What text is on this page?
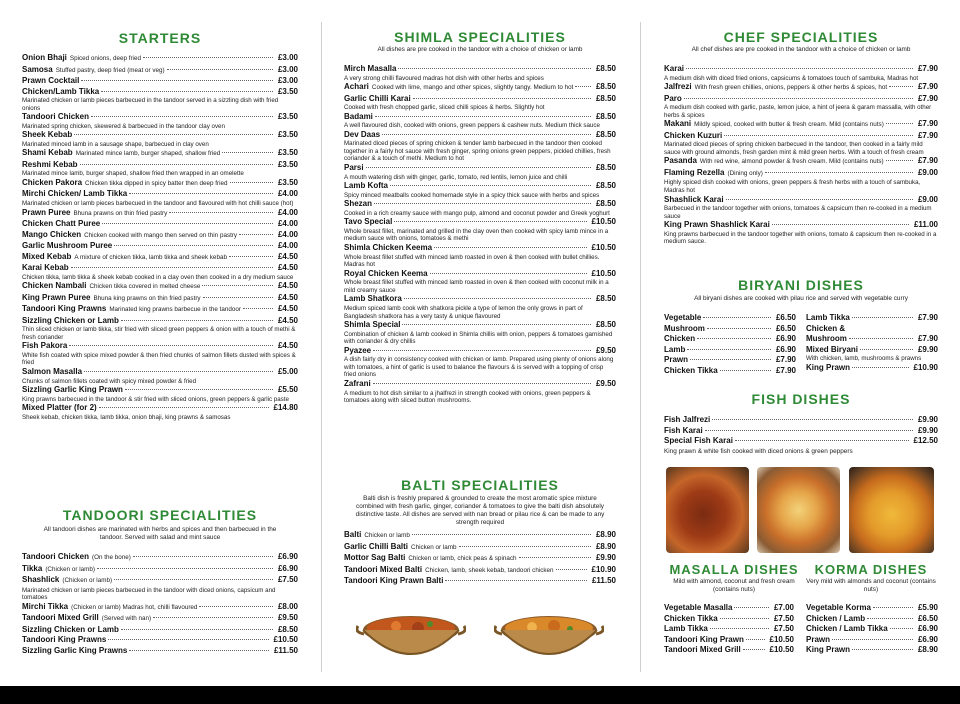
STARTERS
Onion Bhaji Spiced onions, deep fried	£3.00
Samosa Stuffed pastry, deep fried (meat or veg)	£3.00
Prawn Cocktail	£3.00
Chicken/Lamb Tikka	£3.50
Marinated chicken or lamb pieces barbecued in the tandoor served in a sizzling dish with fried onions
Tandoori Chicken	£3.50
Marinated spring chicken, skewered & barbecued in the tandoor clay oven
Sheek Kebab	£3.50
Marinated minced lamb in a sausage shape, barbecued in clay oven
Shami Kebab Marinated mince lamb, burger shaped, shallow fried	£3.50
Reshmi Kebab	£3.50
Marinated mince lamb, burger shaped, shallow fried then wrapped in an omelette
Chicken Pakora Chicken tikka dipped in spicy batter then deep fried	£3.50
Mirchi Chicken/ Lamb Tikka	£4.00
Marinated chicken or lamb pieces barbecued in the tandoor and flavoured with hot chilli sauce (hot)
Prawn Puree Bhuna prawns on thin fried pastry	£4.00
Chicken Chatt Puree	£4.00
Mango Chicken Chicken cooked with mango then served on thin pastry	£4.00
Garlic Mushroom Puree	£4.00
Mixed Kebab A mixture of chicken tikka, lamb tikka and sheek kebab	£4.50
Karai Kebab	£4.50
Chicken tikka, lamb tikka & sheek kebab cooked in a clay oven then cooked in a dry medium sauce
Chicken Nambali Chicken tikka covered in melted cheese	£4.50
King Prawn Puree Bhuna king prawns on thin fried pastry	£4.50
Tandoori King Prawns Marinated king prawns barbecue in the tandoor	£4.50
Sizzling Chicken or Lamb	£4.50
Thin sliced chicken or lamb tikka, stir fried with sliced green peppers & onion with a touch of methi & fresh coriander
Fish Pakora	£4.50
White fish coated with spice mixed powder & then fried chunks of salmon fillets dusted with spices & fried
Salmon Masalla	£5.00
Chunks of salmon fillets coated with spicy mixed powder & fried
Sizzling Garlic King Prawn	£5.50
King prawns barbecued in the tandoor & stir fried with sliced onions, green peppers & garlic paste
Mixed Platter (for 2)	£14.80
Sheek kebab, chicken tikka, lamb tikka, onion bhaji, king prawns & samosas
TANDOORI SPECIALITIES
All tandoori dishes are marinated with herbs and spices and then barbecued in the tandoor. Served with salad and mint sauce
Tandoori Chicken (On the bone)	£6.90
Tikka (Chicken or lamb)	£6.90
Shashlick (Chicken or lamb)	£7.50
Marinated chicken or lamb pieces barbecued in the tandoor with diced onions, capsicum and tomatoes
Mirchi Tikka (Chicken or lamb) Madras hot, chilli flavoured	£8.00
Tandoori Mixed Grill (Served with nan)	£9.50
Sizzling Chicken or Lamb	£8.50
Tandoori King Prawns	£10.50
Sizzling Garlic King Prawns	£11.50
SHIMLA SPECIALITIES
All dishes are pre cooked in the tandoor with a choice of chicken or lamb
Mirch Masalla	£8.50
A very strong chilli flavoured madras hot dish with other herbs and spices
Achari Cooked with lime, mango and other spices, slightly tangy. Medium to hot	£8.50
Garlic Chilli Karai	£8.50
Cooked with fresh chopped garlic, sliced chilli spices & herbs. Slightly hot
Badami	£8.50
A well flavoured dish, cooked with onions, green peppers & cashew nuts. Medium thick sauce
Dev Daas	£8.50
Marinated diced pieces of spring chicken & tender lamb barbecued in the tandoor then cooked together in a fairly hot sauce with fresh ginger, spring onions green peppers, pickled chillies, fresh coriander & a touch of methi. Medium to hot
Parsi	£8.50
A mouth watering dish with ginger, garlic, tomato, red lentils, lemon juice and chilli
Lamb Kofta	£8.50
Spicy minced meatballs cooked homemade style in a spicy thick sauce with herbs and spices
Shezan	£8.50
Cooked in a rich creamy sauce with mango pulp, almond and coconut powder and Greek yoghurt
Tavo Special	£10.50
Whole breast fillet, marinated and grilled in the clay oven then cooked with spicy lamb mince in a medium sauce with onions, tomatoes & methi
Shimla Chicken Keema	£10.50
Whole breast fillet stuffed with minced lamb roasted in oven & then cooked with bullet chillies. Madras hot
Royal Chicken Keema	£10.50
Whole breast fillet stuffed with minced lamb roasted in oven & then cooked with coconut milk in a mild creamy sauce
Lamb Shatkora	£8.50
Medium spiced lamb cook with shatkora pickle a type of lemon the only grows in part of Bangladesh shatkora has a very tasty & unique flavoured
Shimla Special	£8.50
Combination of chicken & lamb cooked in Shimla chillis with onion, peppers & tomatoes garnished with coriander & dry chillis
Pyazee	£9.50
A dish fairly dry in consistency cooked with chicken or lamb. Prepared using plenty of onions along with tomatoes, a hint of garlic is used to balance the flavours & is served with a topping of crisp fried onions
Zafrani	£9.50
A medium to hot dish similar to a jhalfrezi in strength cooked with onions, green peppers & tomatoes along with sliced button mushrooms.
BALTI SPECIALITIES
Balti dish is freshly prepared & grounded to create the most aromatic spice mixture combined with fresh garlic, ginger, coriander & tomatoes to give the balti dish absolutely distinctive taste. All dishes are served with nan bread or pilau rice & can be made to any strength required
Balti Chicken or lamb	£8.90
Garlic Chilli Balti Chicken or lamb	£8.90
Mottor Sag Balti Chicken or lamb, chick peas & spinach	£9.90
Tandoori Mixed Balti Chicken, lamb, sheek kebab, tandoori chicken	£10.90
Tandoori King Prawn Balti	£11.50
CHEF SPECIALITIES
All chef dishes are pre cooked in the tandoor with a choice of chicken or lamb
Karai	£7.90
A medium dish with diced fried onions, capsicums & tomatoes touch of sambuka, Madras hot
Jalfrezi With fresh green chillies, onions, peppers & other herbs & spices, hot	£7.90
Paro	£7.90
A medium dish cooked with garlic, paste, lemon juice, a hint of jeera & garam massalla, with other herbs & spices
Makani Mildly spiced, cooked with butter & fresh cream. Mild (contains nuts)	£7.90
Chicken Kuzuri	£7.90
Marinated diced pieces of spring chicken barbecued in the tandoor, then cooked in a fairly mild sauce with ground almonds, fresh garden mint & mild green herbs. With a touch of fresh cream
Pasanda With red wine, almond powder & fresh cream. Mild (contains nuts)	£7.90
Flaming Rezella (Dining only)	£9.00
Highly spiced dish cooked with onions, green peppers & fresh herbs with a touch of sambuka, Madras hot
Shashlick Karai	£9.00
Barbecued in the tandoor together with onions, tomatoes & capsicum then re-cooked in a medium sauce
King Prawn Shashlick Karai	£11.00
King prawns barbecued in the tandoor together with onions, tomato & capsicum then re-cooked in a medium sauce.
BIRYANI DISHES
All biryani dishes are cooked with pilau rice and served with vegetable curry
Vegetable	£6.50
Mushroom	£6.50
Chicken	£6.90
Lamb	£6.90
Prawn	£7.90
Chicken Tikka	£7.90
Lamb Tikka	£7.90
Chicken &
Mushroom	£7.90
Mixed Biryani	£9.90
With chicken, lamb, mushrooms & prawns
King Prawn	£10.90
FISH DISHES
Fish Jalfrezi	£9.90
Fish Karai	£9.90
Special Fish Karai	£12.50
King prawn & white fish cooked with diced onions & green peppers
MASALLA DISHES
Mild with almond, coconut and fresh cream (contains nuts)
Vegetable Masalla	£7.00
Chicken Tikka	£7.50
Lamb Tikka	£7.50
Tandoori King Prawn	£10.50
Tandoori Mixed Grill	£10.50
KORMA DISHES
Very mild with almonds and coconut (contains nuts)
Vegetable Korma	£5.90
Chicken / Lamb	£6.50
Chicken / Lamb Tikka	£6.90
Prawn	£6.90
King Prawn	£8.90
